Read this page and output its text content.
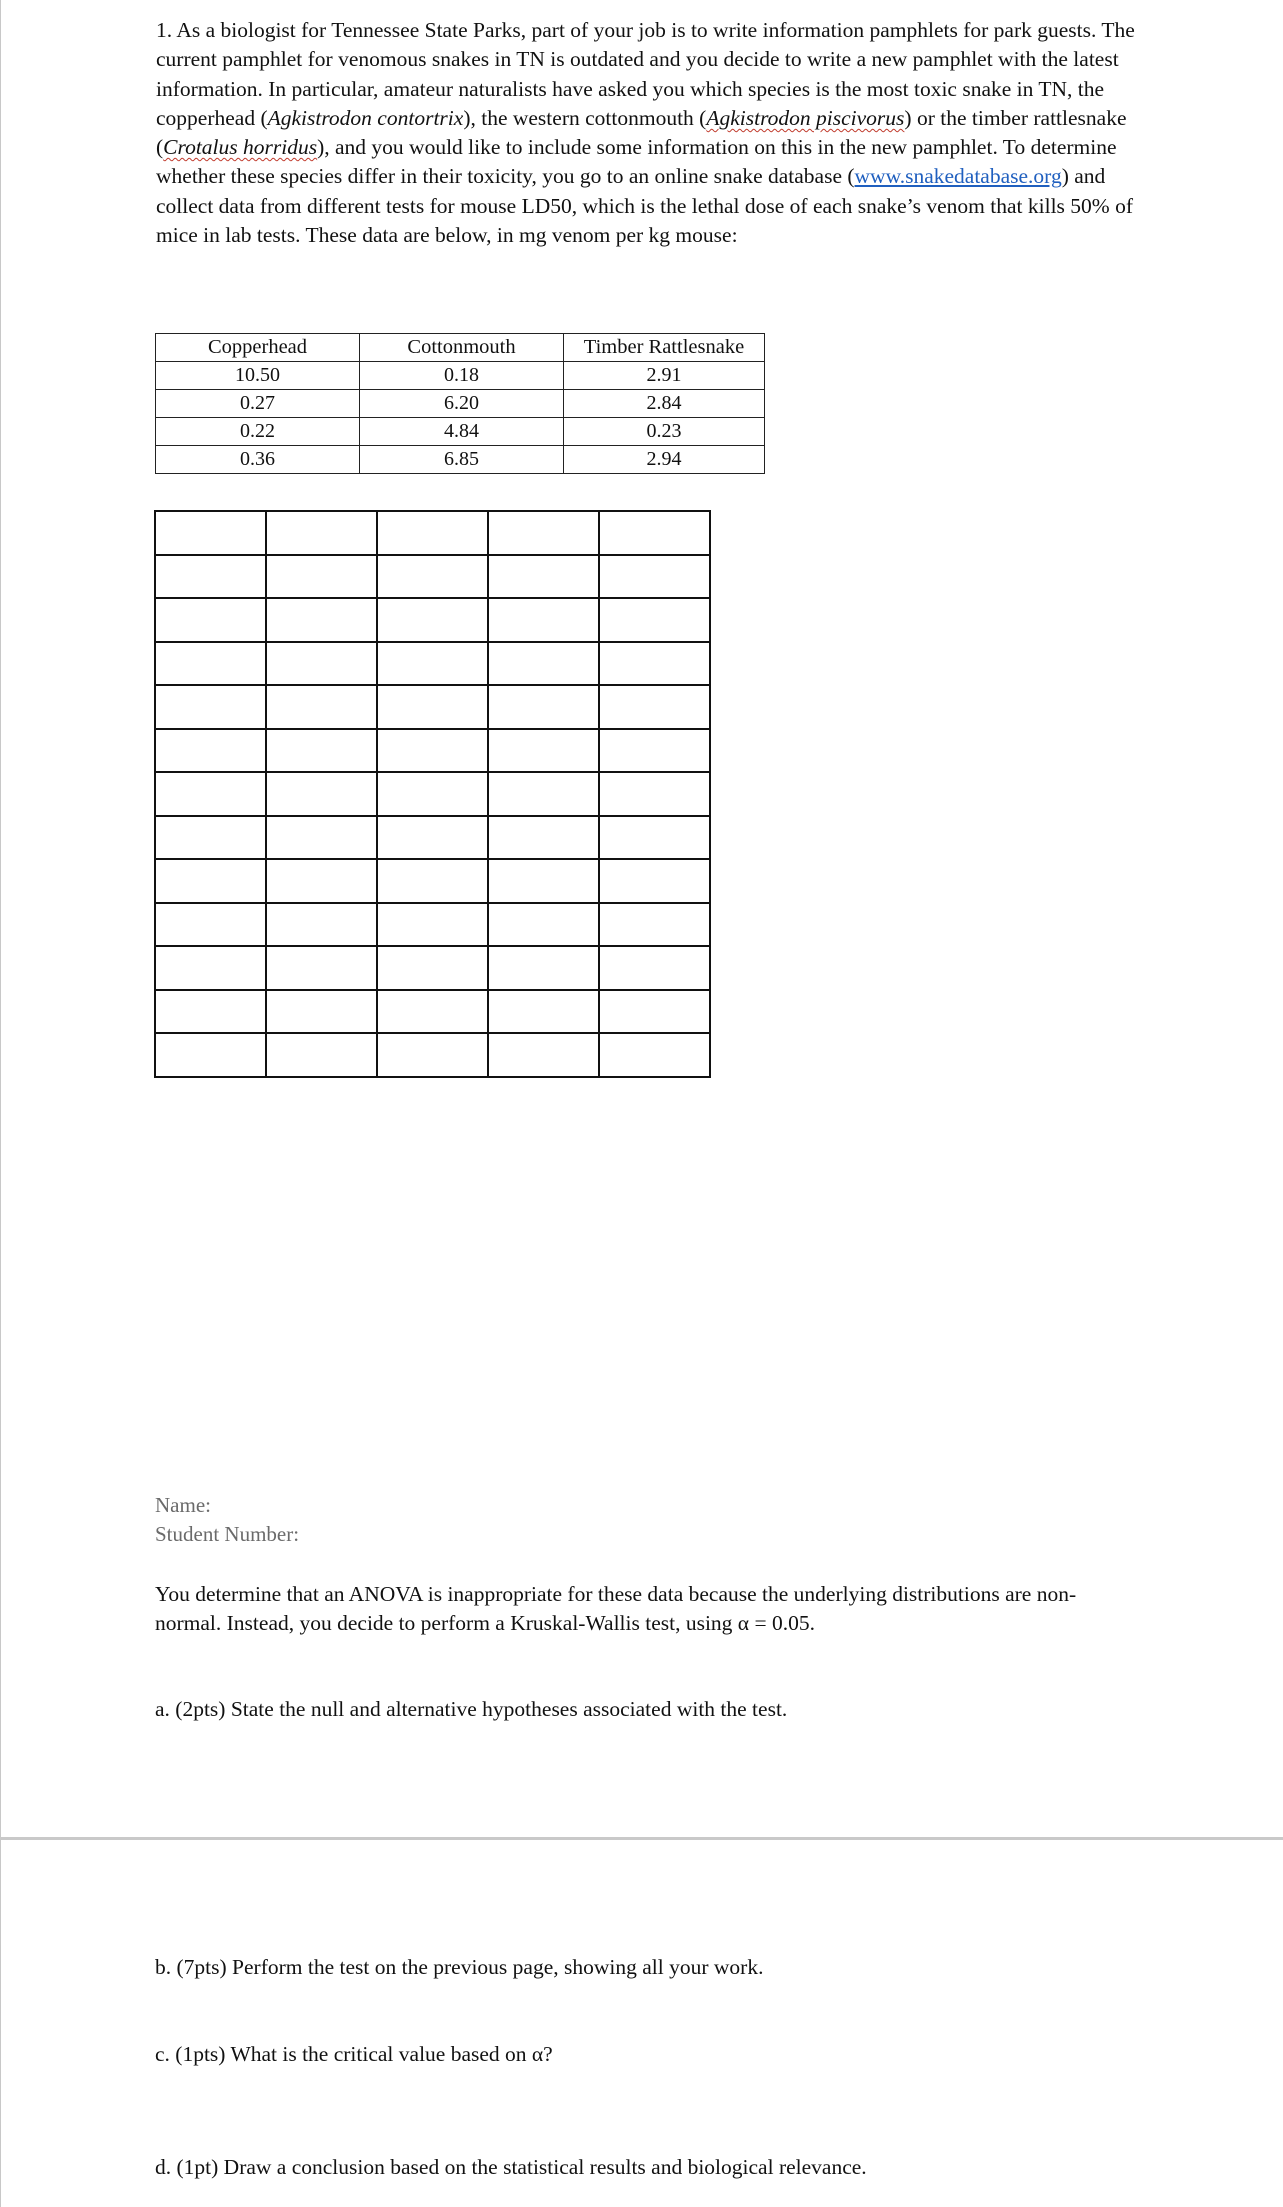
1. As a biologist for Tennessee State Parks, part of your job is to write information pamphlets for park guests. The current pamphlet for venomous snakes in TN is outdated and you decide to write a new pamphlet with the latest information. In particular, amateur naturalists have asked you which species is the most toxic snake in TN, the copperhead (Agkistrodon contortrix), the western cottonmouth (Agkistrodon piscivorus) or the timber rattlesnake (Crotalus horridus), and you would like to include some information on this in the new pamphlet. To determine whether these species differ in their toxicity, you go to an online snake database (www.snakedatabase.org) and collect data from different tests for mouse LD50, which is the lethal dose of each snake’s venom that kills 50% of mice in lab tests. These data are below, in mg venom per kg mouse:

Copperhead	Cottonmouth	Timber Rattlesnake
10.50	0.18	2.91
0.27	6.20	2.84
0.22	4.84	0.23
0.36	6.85	2.94

Name:
Student Number:

You determine that an ANOVA is inappropriate for these data because the underlying distributions are non-normal. Instead, you decide to perform a Kruskal-Wallis test, using α = 0.05.

a. (2pts) State the null and alternative hypotheses associated with the test.

b. (7pts) Perform the test on the previous page, showing all your work.

c. (1pts) What is the critical value based on α?

d. (1pt) Draw a conclusion based on the statistical results and biological relevance.
